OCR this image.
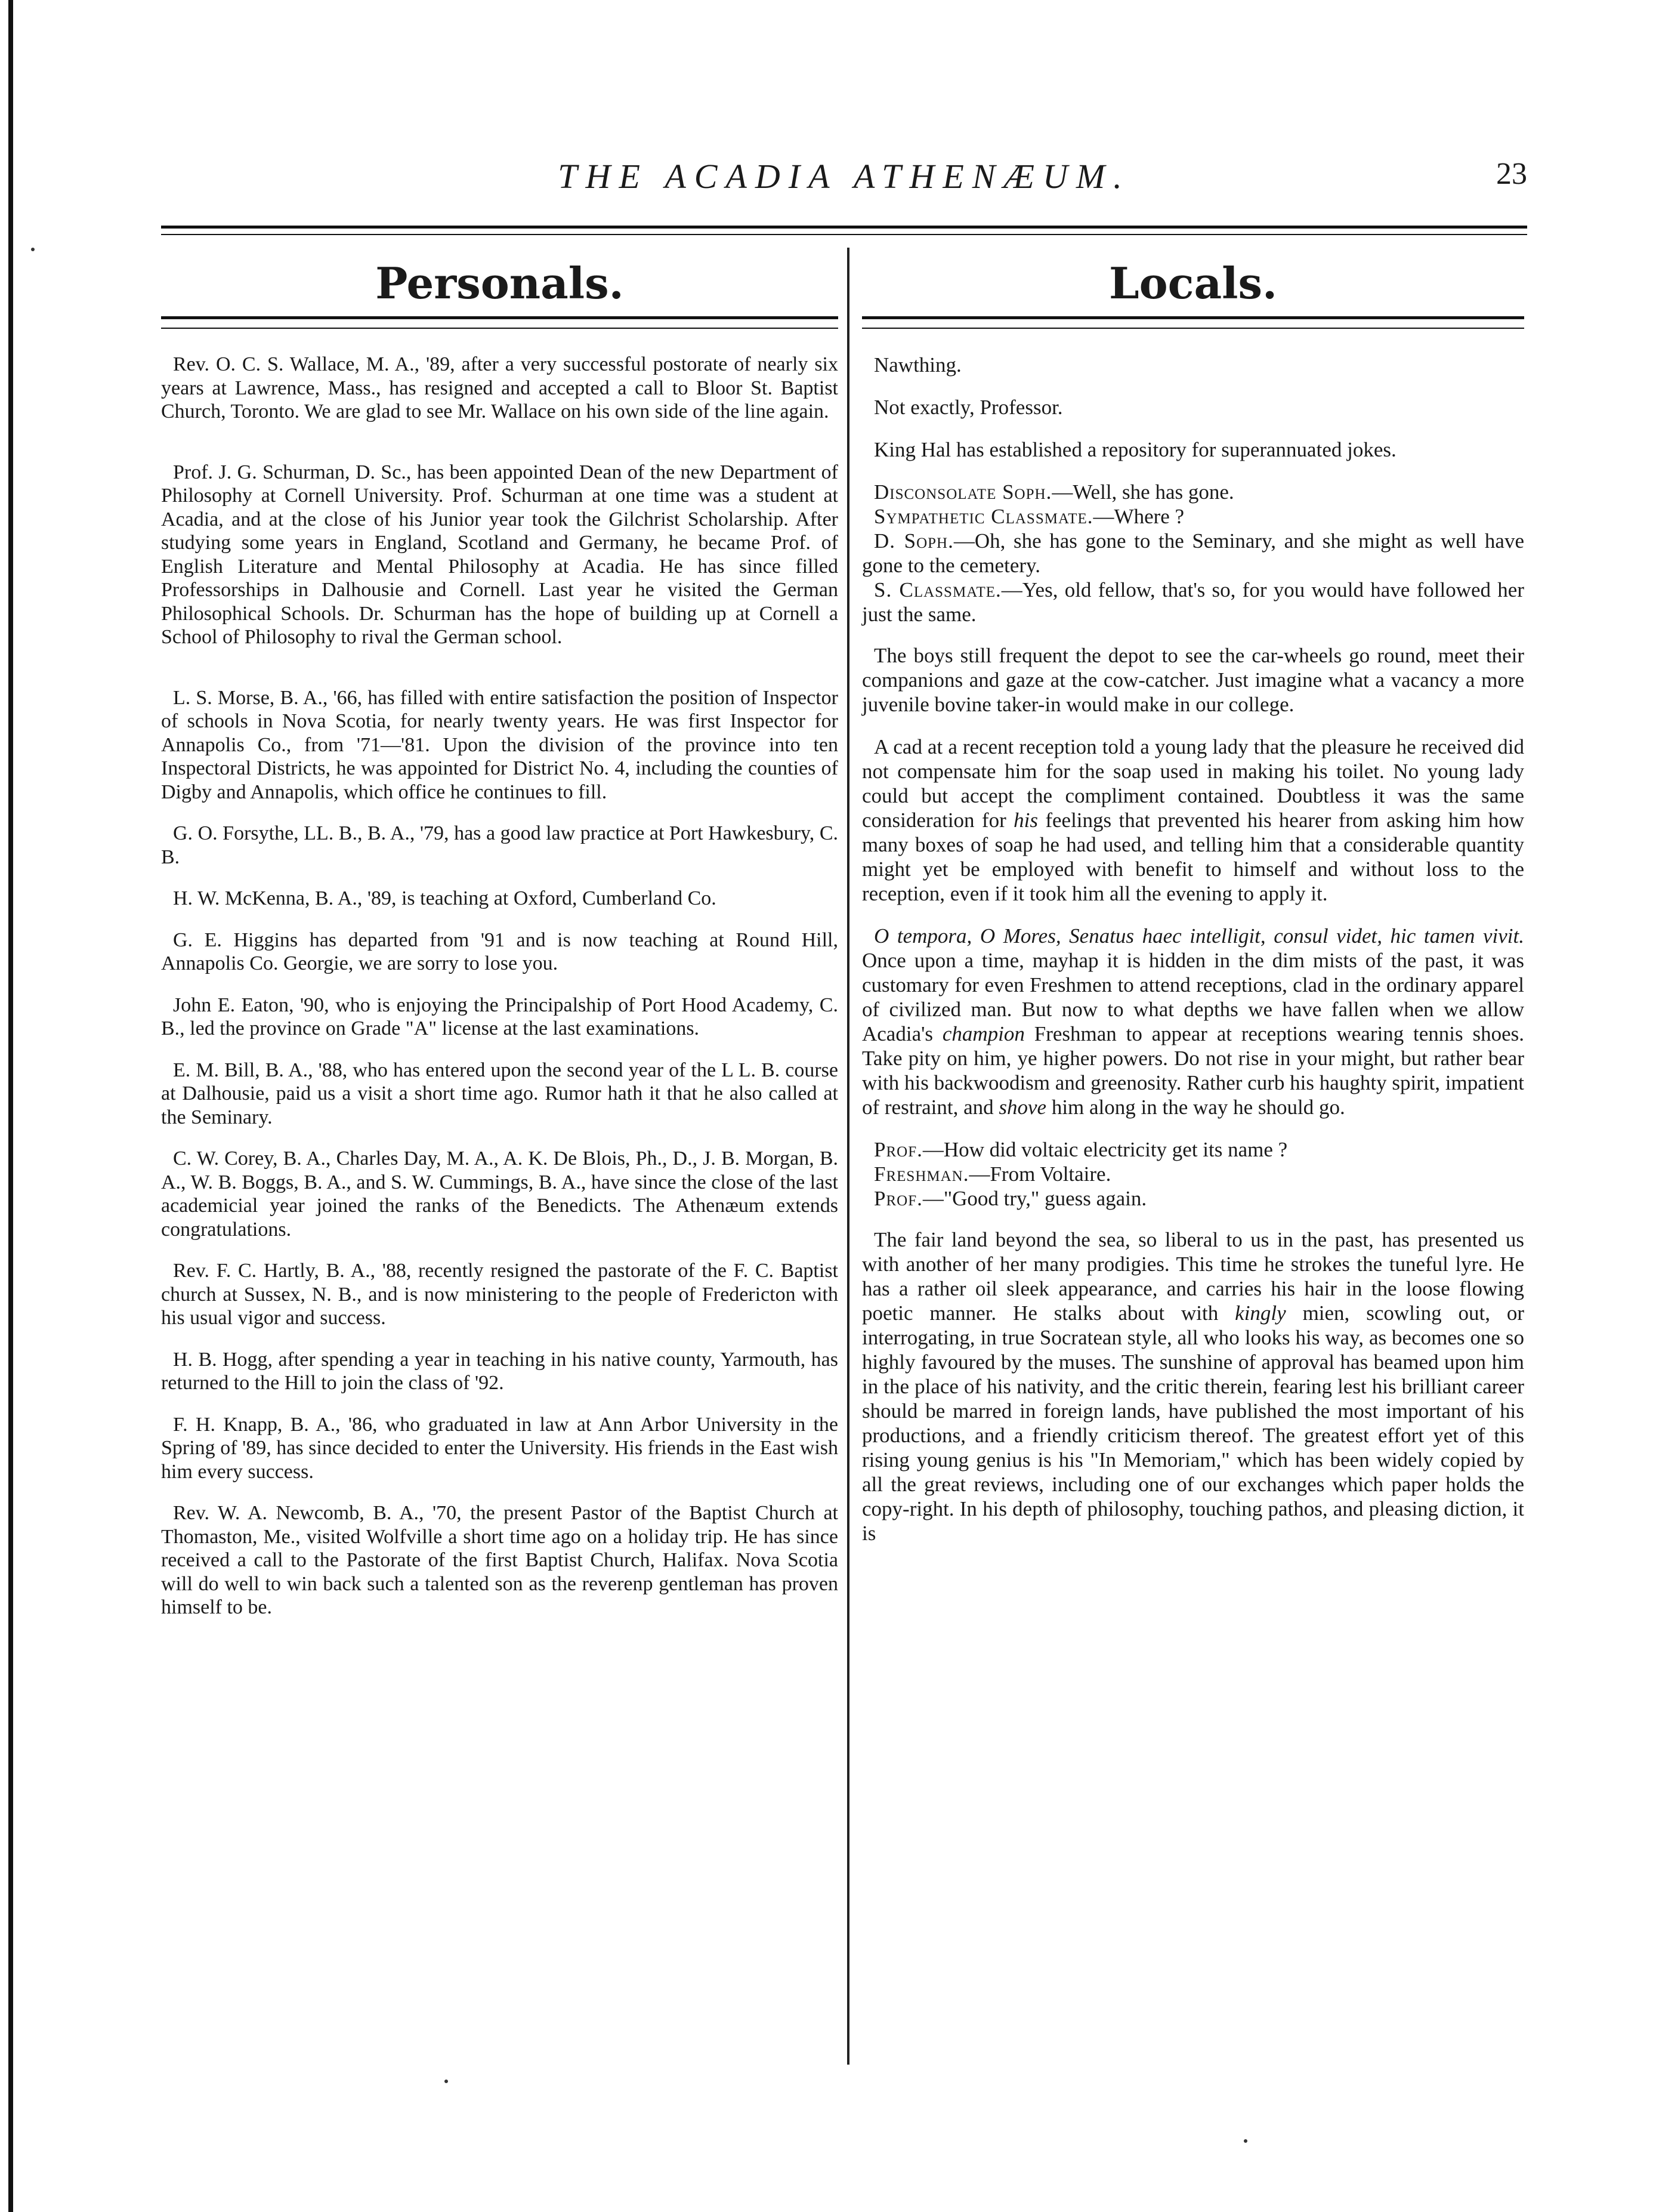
THE ACADIA ATHENÆUM.	23
Personals.

Rev. O. C. S. Wallace, M. A., '89, after a very successful postorate of nearly six years at Lawrence, Mass., has resigned and accepted a call to Bloor St. Baptist Church, Toronto. We are glad to see Mr. Wallace on his own side of the line again.

Prof. J. G. Schurman, D. Sc., has been appointed Dean of the new Department of Philosophy at Cornell University. Prof. Schurman at one time was a student at Acadia, and at the close of his Junior year took the Gilchrist Scholarship. After studying some years in England, Scotland and Germany, he became Prof. of English Literature and Mental Philosophy at Acadia. He has since filled Professorships in Dalhousie and Cornell. Last year he visited the German Philosophical Schools. Dr. Schurman has the hope of building up at Cornell a School of Philosophy to rival the German school.

L. S. Morse, B. A., '66, has filled with entire satisfaction the position of Inspector of schools in Nova Scotia, for nearly twenty years. He was first Inspector for Annapolis Co., from '71—'81. Upon the division of the province into ten Inspectoral Districts, he was appointed for District No. 4, including the counties of Digby and Annapolis, which office he continues to fill.

G. O. Forsythe, LL. B., B. A., '79, has a good law practice at Port Hawkesbury, C. B.

H. W. McKenna, B. A., '89, is teaching at Oxford, Cumberland Co.

G. E. Higgins has departed from '91 and is now teaching at Round Hill, Annapolis Co. Georgie, we are sorry to lose you.

John E. Eaton, '90, who is enjoying the Principalship of Port Hood Academy, C. B., led the province on Grade "A" license at the last examinations.

E. M. Bill, B. A., '88, who has entered upon the second year of the L L. B. course at Dalhousie, paid us a visit a short time ago. Rumor hath it that he also called at the Seminary.

C. W. Corey, B. A., Charles Day, M. A., A. K. De Blois, Ph., D., J. B. Morgan, B. A., W. B. Boggs, B. A., and S. W. Cummings, B. A., have since the close of the last academicial year joined the ranks of the Benedicts. The Athenæum extends congratulations.

Rev. F. C. Hartly, B. A., '88, recently resigned the pastorate of the F. C. Baptist church at Sussex, N. B., and is now ministering to the people of Fredericton with his usual vigor and success.

H. B. Hogg, after spending a year in teaching in his native county, Yarmouth, has returned to the Hill to join the class of '92.

F. H. Knapp, B. A., '86, who graduated in law at Ann Arbor University in the Spring of '89, has since decided to enter the University. His friends in the East wish him every success.

Rev. W. A. Newcomb, B. A., '70, the present Pastor of the Baptist Church at Thomaston, Me., visited Wolfville a short time ago on a holiday trip. He has since received a call to the Pastorate of the first Baptist Church, Halifax. Nova Scotia will do well to win back such a talented son as the reverenp gentleman has proven himself to be.

Locals.

Nawthing.

Not exactly, Professor.

King Hal has established a repository for superannuated jokes.

Disconsolate Soph.—Well, she has gone.
Sympathetic Classmate.—Where ?
D. Soph.—Oh, she has gone to the Seminary, and she might as well have gone to the cemetery.
S. Classmate.—Yes, old fellow, that's so, for you would have followed her just the same.

The boys still frequent the depot to see the car-wheels go round, meet their companions and gaze at the cow-catcher. Just imagine what a vacancy a more juvenile bovine taker-in would make in our college.

A cad at a recent reception told a young lady that the pleasure he received did not compensate him for the soap used in making his toilet. No young lady could but accept the compliment contained. Doubtless it was the same consideration for his feelings that prevented his hearer from asking him how many boxes of soap he had used, and telling him that a considerable quantity might yet be employed with benefit to himself and without loss to the reception, even if it took him all the evening to apply it.

O tempora, O Mores, Senatus haec intelligit, consul videt, hic tamen vivit. Once upon a time, mayhap it is hidden in the dim mists of the past, it was customary for even Freshmen to attend receptions, clad in the ordinary apparel of civilized man. But now to what depths we have fallen when we allow Acadia's champion Freshman to appear at receptions wearing tennis shoes. Take pity on him, ye higher powers. Do not rise in your might, but rather bear with his backwoodism and greenosity. Rather curb his haughty spirit, impatient of restraint, and shove him along in the way he should go.

Prof.—How did voltaic electricity get its name ?
Freshman.—From Voltaire.
Prof.—"Good try," guess again.

The fair land beyond the sea, so liberal to us in the past, has presented us with another of her many prodigies. This time he strokes the tuneful lyre. He has a rather oil sleek appearance, and carries his hair in the loose flowing poetic manner. He stalks about with kingly mien, scowling out, or interrogating, in true Socratean style, all who looks his way, as becomes one so highly favoured by the muses. The sunshine of approval has beamed upon him in the place of his nativity, and the critic therein, fearing lest his brilliant career should be marred in foreign lands, have published the most important of his productions, and a friendly criticism thereof. The greatest effort yet of this rising young genius is his "In Memoriam," which has been widely copied by all the great reviews, including one of our exchanges which paper holds the copy-right. In his depth of philosophy, touching pathos, and pleasing diction, it is
